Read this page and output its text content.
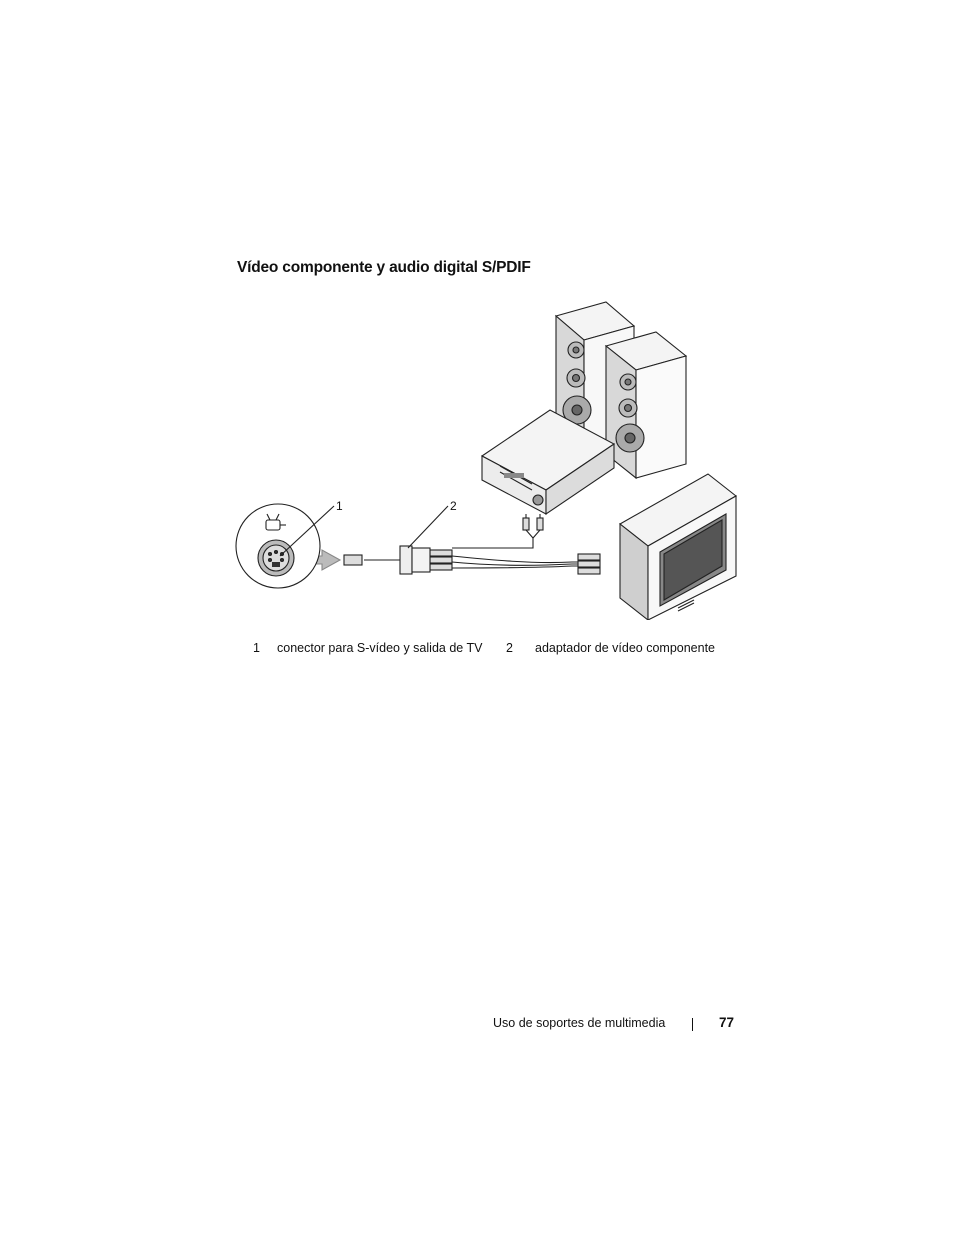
Vídeo componente y audio digital S/PDIF
1	2
1 conector para S-vídeo y salida de TV 2 adaptador de vídeo componente
Uso de soportes de multimedia	77
